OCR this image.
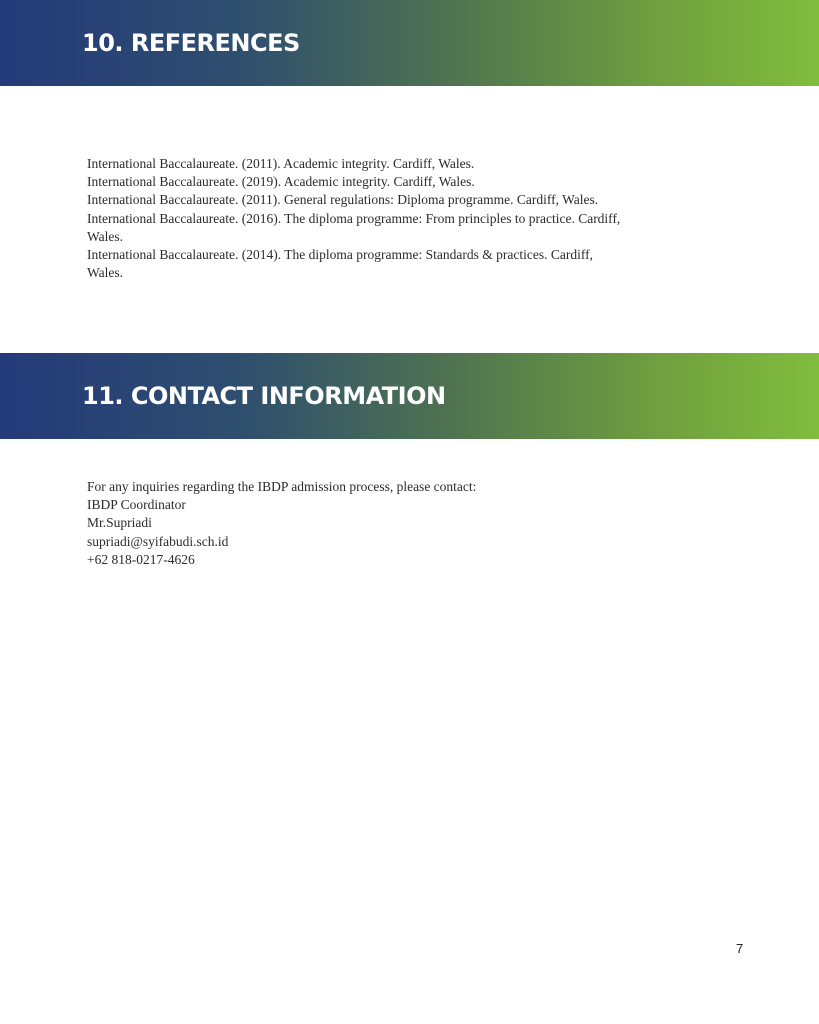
10. REFERENCES

International Baccalaureate. (2011). Academic integrity. Cardiff, Wales.

International Baccalaureate. (2019). Academic integrity. Cardiff, Wales.

International Baccalaureate. (2011). General regulations: Diploma programme. Cardiff, Wales.

International Baccalaureate. (2016). The diploma programme: From principles to practice. Cardiff, Wales.

International Baccalaureate. (2014). The diploma programme: Standards & practices. Cardiff, Wales.

11. CONTACT INFORMATION

For any inquiries regarding the IBDP admission process, please contact:

IBDP Coordinator

Mr.Supriadi

supriadi@syifabudi.sch.id

+62 818-0217-4626

7
